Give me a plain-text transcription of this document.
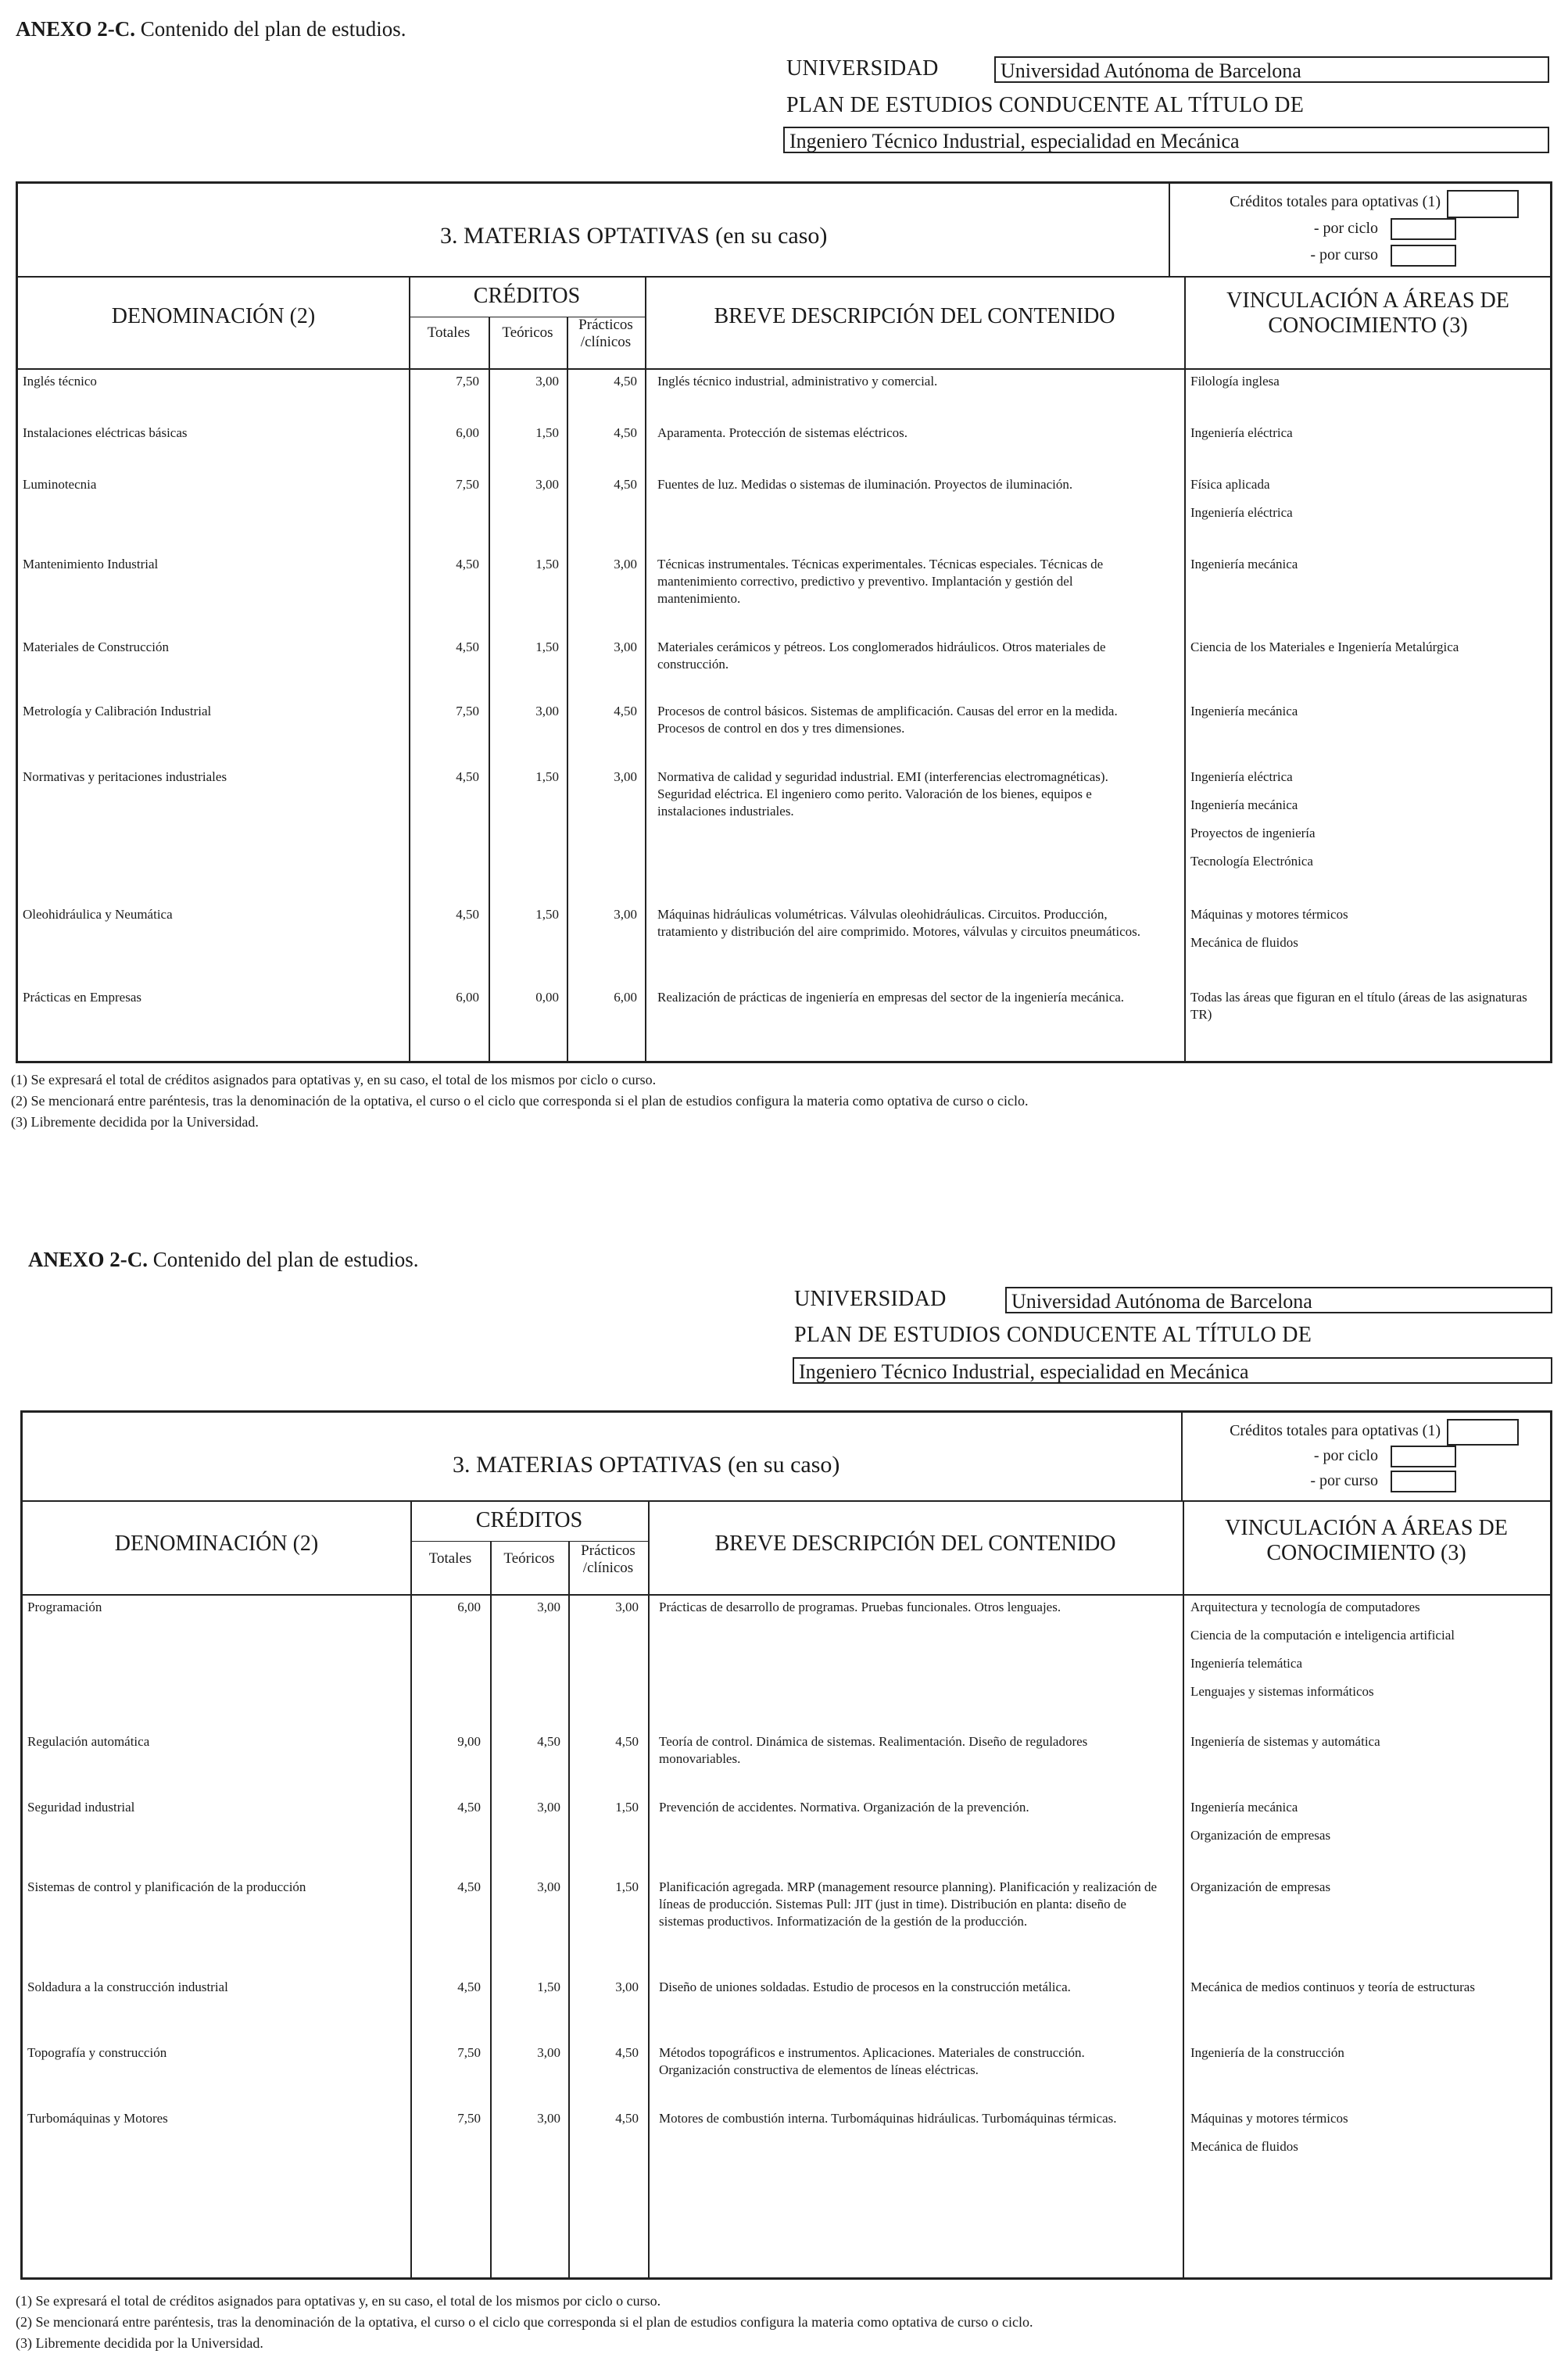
ANEXO 2-C. Contenido del plan de estudios.
UNIVERSIDAD	Universidad Autónoma de Barcelona
PLAN DE ESTUDIOS CONDUCENTE AL TÍTULO DE
Ingeniero Técnico Industrial, especialidad en Mecánica
3. MATERIAS OPTATIVAS (en su caso)
Créditos totales para optativas (1)
- por ciclo
- por curso
DENOMINACIÓN (2)
CRÉDITOS
Totales	Teóricos	Prácticos
/clínicos
BREVE DESCRIPCIÓN DEL CONTENIDO
VINCULACIÓN A ÁREAS DE
CONOCIMIENTO (3)
Inglés técnico	7,50	3,00	4,50 Inglés técnico industrial, administrativo y comercial.	Filología inglesa
Instalaciones eléctricas básicas	6,00	1,50	4,50 Aparamenta. Protección de sistemas eléctricos.	Ingeniería eléctrica
Luminotecnia	7,50	3,00	4,50 Fuentes de luz. Medidas o sistemas de iluminación. Proyectos de iluminación.	Física aplicada
Ingeniería eléctrica
Mantenimiento Industrial	4,50	1,50	3,00 Técnicas instrumentales. Técnicas experimentales. Técnicas especiales. Técnicas de mantenimiento correctivo, predictivo y preventivo. Implantación y gestión del mantenimiento.
Ingeniería mecánica
Materiales de Construcción	4,50	1,50	3,00 Materiales cerámicos y pétreos. Los conglomerados hidráulicos. Otros materiales de construcción.
Ciencia de los Materiales e Ingeniería Metalúrgica
Metrología y Calibración Industrial	7,50	3,00	4,50 Procesos de control básicos. Sistemas de amplificación. Causas del error en la medida. Procesos de control en dos y tres dimensiones.
Ingeniería mecánica
Normativas y peritaciones industriales	4,50	1,50	3,00 Normativa de calidad y seguridad industrial. EMI (interferencias electromagnéticas). Seguridad eléctrica. El ingeniero como perito. Valoración de los bienes, equipos e instalaciones industriales.
Ingeniería eléctrica
Ingeniería mecánica
Proyectos de ingeniería
Tecnología Electrónica
Oleohidráulica y Neumática	4,50	1,50	3,00 Máquinas hidráulicas volumétricas. Válvulas oleohidráulicas. Circuitos. Producción, tratamiento y distribución del aire comprimido. Motores, válvulas y circuitos pneumáticos.
Máquinas y motores térmicos
Mecánica de fluidos
Prácticas en Empresas	6,00	0,00	6,00 Realización de prácticas de ingeniería en empresas del sector de la ingeniería mecánica.	Todas las áreas que figuran en el título (áreas de las asignaturas TR)
(1) Se expresará el total de créditos asignados para optativas y, en su caso, el total de los mismos por ciclo o curso.
(2) Se mencionará entre paréntesis, tras la denominación de la optativa, el curso o el ciclo que corresponda si el plan de estudios configura la materia como optativa de curso o ciclo.
(3) Libremente decidida por la Universidad.
ANEXO 2-C. Contenido del plan de estudios.
UNIVERSIDAD	Universidad Autónoma de Barcelona
PLAN DE ESTUDIOS CONDUCENTE AL TÍTULO DE
Ingeniero Técnico Industrial, especialidad en Mecánica
3. MATERIAS OPTATIVAS (en su caso)
Créditos totales para optativas (1)
- por ciclo
- por curso
DENOMINACIÓN (2)
CRÉDITOS
Totales	Teóricos	Prácticos
/clínicos
BREVE DESCRIPCIÓN DEL CONTENIDO
VINCULACIÓN A ÁREAS DE
CONOCIMIENTO (3)
Programación	6,00	3,00	3,00 Prácticas de desarrollo de programas. Pruebas funcionales. Otros lenguajes.	Arquitectura y tecnología de computadores
Ciencia de la computación e inteligencia artificial
Ingeniería telemática
Lenguajes y sistemas informáticos
Regulación automática	9,00	4,50	4,50 Teoría de control. Dinámica de sistemas. Realimentación. Diseño de reguladores monovariables.
Ingeniería de sistemas y automática
Seguridad industrial	4,50	3,00	1,50 Prevención de accidentes. Normativa. Organización de la prevención.	Ingeniería mecánica
Organización de empresas
Sistemas de control y planificación de la producción	4,50	3,00	1,50 Planificación agregada. MRP (management resource planning). Planificación y realización de líneas de producción. Sistemas Pull: JIT (just in time). Distribución en planta: diseño de sistemas productivos. Informatización de la gestión de la producción.
Organización de empresas
Soldadura a la construcción industrial	4,50	1,50	3,00 Diseño de uniones soldadas. Estudio de procesos en la construcción metálica.	Mecánica de medios continuos y teoría de estructuras
Topografía y construcción	7,50	3,00	4,50 Métodos topográficos e instrumentos. Aplicaciones. Materiales de construcción. Organización constructiva de elementos de líneas eléctricas.
Ingeniería de la construcción
Turbomáquinas y Motores	7,50	3,00	4,50 Motores de combustión interna. Turbomáquinas hidráulicas. Turbomáquinas térmicas.	Máquinas y motores térmicos
Mecánica de fluidos
(1) Se expresará el total de créditos asignados para optativas y, en su caso, el total de los mismos por ciclo o curso.
(2) Se mencionará entre paréntesis, tras la denominación de la optativa, el curso o el ciclo que corresponda si el plan de estudios configura la materia como optativa de curso o ciclo.
(3) Libremente decidida por la Universidad.
